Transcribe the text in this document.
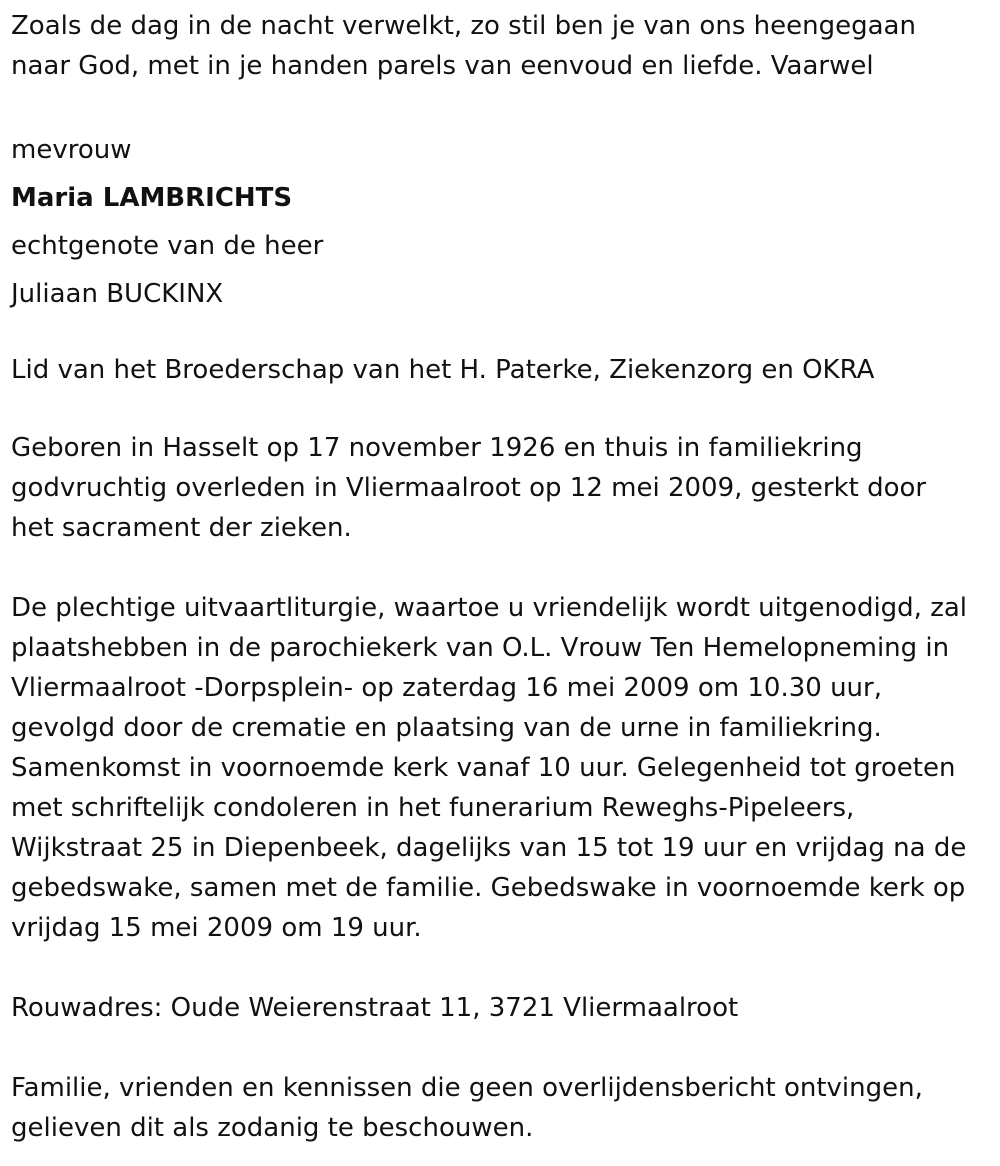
Zoals de dag in de nacht verwelkt, zo stil ben je van ons heengegaan
naar God, met in je handen parels van eenvoud en liefde. Vaarwel
mevrouw
Maria LAMBRICHTS
echtgenote van de heer
Juliaan BUCKINX
Lid van het Broederschap van het H. Paterke, Ziekenzorg en OKRA
Geboren in Hasselt op 17 november 1926 en thuis in familiekring
godvruchtig overleden in Vliermaalroot op 12 mei 2009, gesterkt door
het sacrament der zieken.
De plechtige uitvaartliturgie, waartoe u vriendelijk wordt uitgenodigd, zal
plaatshebben in de parochiekerk van O.L. Vrouw Ten Hemelopneming in
Vliermaalroot -Dorpsplein- op zaterdag 16 mei 2009 om 10.30 uur,
gevolgd door de crematie en plaatsing van de urne in familiekring.
Samenkomst in voornoemde kerk vanaf 10 uur. Gelegenheid tot groeten
met schriftelijk condoleren in het funerarium Reweghs-Pipeleers,
Wijkstraat 25 in Diepenbeek, dagelijks van 15 tot 19 uur en vrijdag na de
gebedswake, samen met de familie. Gebedswake in voornoemde kerk op
vrijdag 15 mei 2009 om 19 uur.
Rouwadres: Oude Weierenstraat 11, 3721 Vliermaalroot
Familie, vrienden en kennissen die geen overlijdensbericht ontvingen,
gelieven dit als zodanig te beschouwen.
